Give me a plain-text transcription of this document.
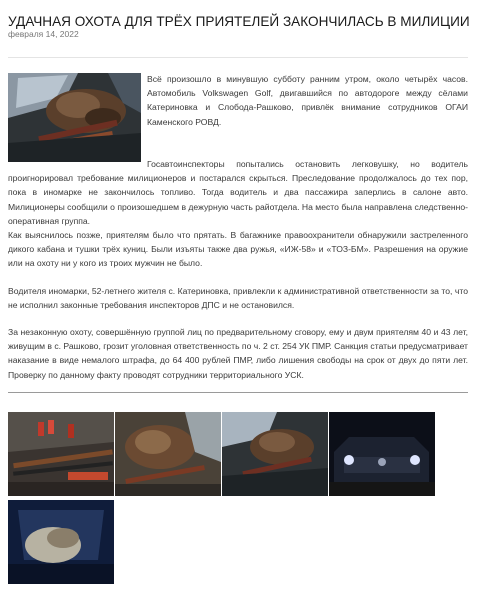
УДАЧНАЯ ОХОТА ДЛЯ ТРЁХ ПРИЯТЕЛЕЙ ЗАКОНЧИЛАСЬ В МИЛИЦИИ
февраля 14, 2022

Всё произошло в минувшую субботу ранним утром, около четырёх часов. Автомобиль Volkswagen Golf, двигавшийся по автодороге между сёлами Катериновка и Слобода-Рашково, привлёк внимание сотрудников ОГАИ Каменского РОВД.

Госавтоинспекторы попытались остановить легковушку, но водитель проигнорировал требование милиционеров и постарался скрыться. Преследование продолжалось до тех пор, пока в иномарке не закончилось топливо. Тогда водитель и два пассажира заперлись в салоне авто. Милиционеры сообщили о произошедшем в дежурную часть райотдела. На место была направлена следственно-оперативная группа.

Как выяснилось позже, приятелям было что прятать. В багажнике правоохранители обнаружили застреленного дикого кабана и тушки трёх куниц. Были изъяты также два ружья, «ИЖ-58» и «ТОЗ-БМ». Разрешения на оружие или на охоту ни у кого из троих мужчин не было.

Водителя иномарки, 52-летнего жителя с. Катериновка, привлекли к административной ответственности за то, что не исполнил законные требования инспекторов ДПС и не остановился.

За незаконную охоту, совершённую группой лиц по предварительному сговору, ему и двум приятелям 40 и 43 лет, живущим в с. Рашково, грозит уголовная ответственность по ч. 2 ст. 254 УК ПМР. Санкция статьи предусматривает наказание в виде немалого штрафа, до 64 400 рублей ПМР, либо лишения свободы на срок от двух до пяти лет. Проверку по данному факту проводят сотрудники территориального УСК.
